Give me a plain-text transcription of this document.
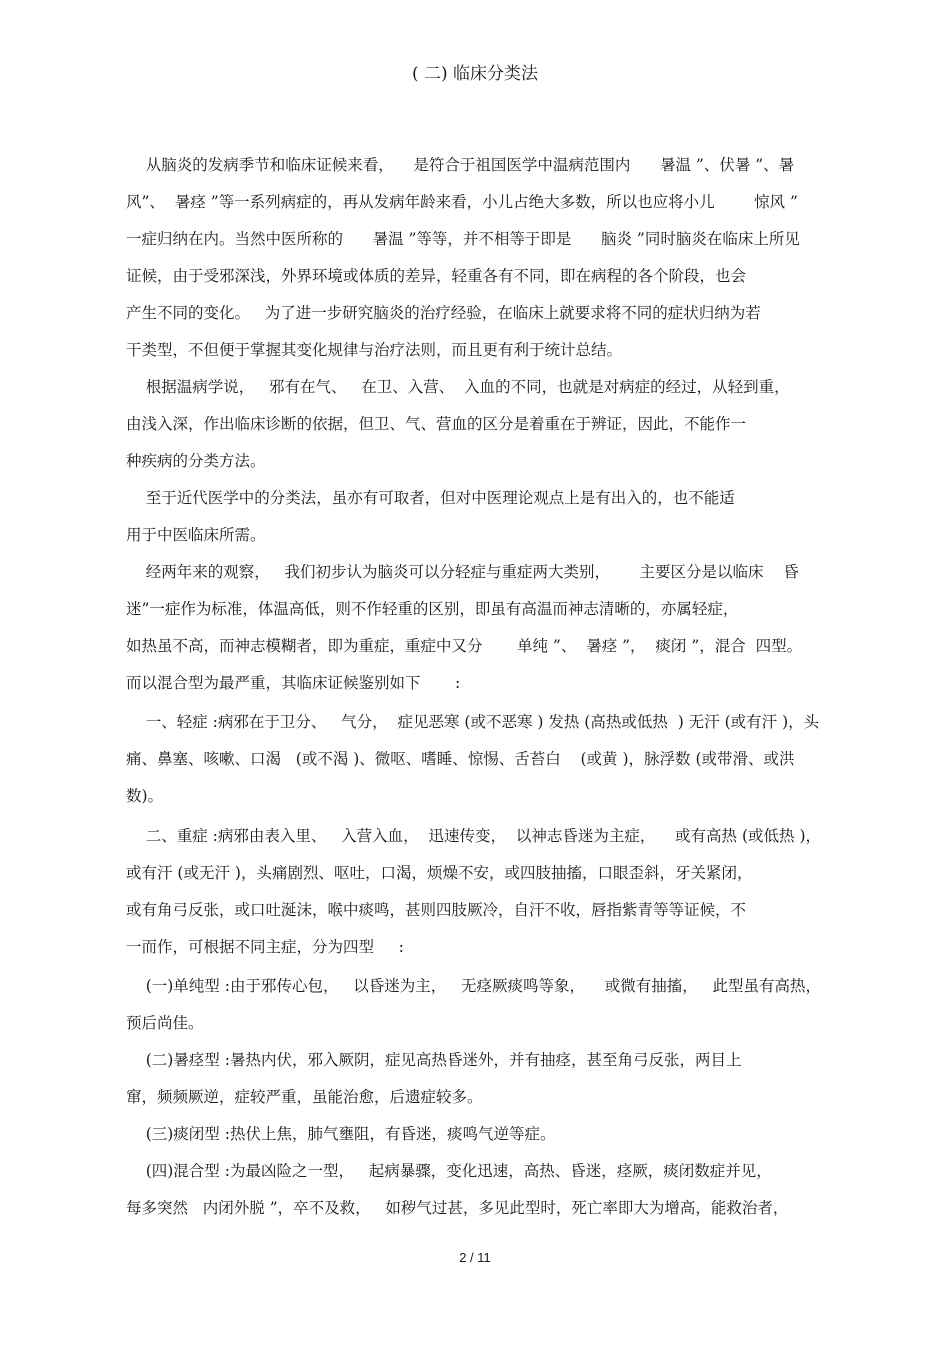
( 二) 临床分类法
从脑炎的发病季节和临床证候来看，    是符合于祖国医学中温病范围内      暑温 ”、伏暑 ”、暑
风”、  暑痉 ”等一系列病症的，再从发病年龄来看，小儿占绝大多数，所以也应将小儿        惊风 ”
一症归纳在内。当然中医所称的      暑温 ”等等，并不相等于即是      脑炎 ”同时脑炎在临床上所见
证候，由于受邪深浅，外界环境或体质的差异，轻重各有不同，即在病程的各个阶段，也会
产生不同的变化。   为了进一步研究脑炎的治疗经验，在临床上就要求将不同的症状归纳为若
干类型，不但便于掌握其变化规律与治疗法则，而且更有利于统计总结。
根据温病学说，   邪有在气、   在卫、入营、  入血的不同，也就是对病症的经过，从轻到重，
由浅入深，作出临床诊断的依据，但卫、气、营血的区分是着重在于辨证，因此，不能作一
种疾病的分类方法。
至于近代医学中的分类法，虽亦有可取者，但对中医理论观点上是有出入的，也不能适
用于中医临床所需。
经两年来的观察，   我们初步认为脑炎可以分轻症与重症两大类别，      主要区分是以临床    昏
迷”一症作为标准，体温高低，则不作轻重的区别，即虽有高温而神志清晰的，亦属轻症，
如热虽不高，而神志模糊者，即为重症，重症中又分       单纯 ”、  暑痉 ”，  痰闭 ”，混合  四型。
而以混合型为最严重，其临床证候鉴别如下       :
一、轻症 :病邪在于卫分、   气分，  症见恶寒 (或不恶寒 ) 发热 (高热或低热  ) 无汗 (或有汗 )，头
痛、鼻塞、咳嗽、口渴   (或不渴 )、微呕、嗜睡、惊惕、舌苔白    (或黄 )，脉浮数 (或带滑、或洪
数)。
二、重症 :病邪由表入里、   入营入血，  迅速传变，  以神志昏迷为主症，    或有高热 (或低热 )，
或有汗 (或无汗 )，头痛剧烈、呕吐，口渴，烦燥不安，或四肢抽搐，口眼歪斜，牙关紧闭，
或有角弓反张，或口吐涎沫，喉中痰鸣，甚则四肢厥冷，自汗不收，唇指紫青等等证候，不
一而作，可根据不同主症，分为四型     :
(一)单纯型 :由于邪传心包，   以昏迷为主，   无痉厥痰鸣等象，    或微有抽搐，   此型虽有高热，
预后尚佳。
(二)暑痉型 :暑热内伏，邪入厥阴，症见高热昏迷外，并有抽痉，甚至角弓反张，两目上
窜，频频厥逆，症较严重，虽能治愈，后遗症较多。
(三)痰闭型 :热伏上焦，肺气壅阻，有昏迷，痰鸣气逆等症。
(四)混合型 :为最凶险之一型，   起病暴骤，变化迅速，高热、昏迷，痉厥，痰闭数症并见，
每多突然   内闭外脱 ”，卒不及救，   如秽气过甚，多见此型时，死亡率即大为增高，能救治者，
2 / 11
